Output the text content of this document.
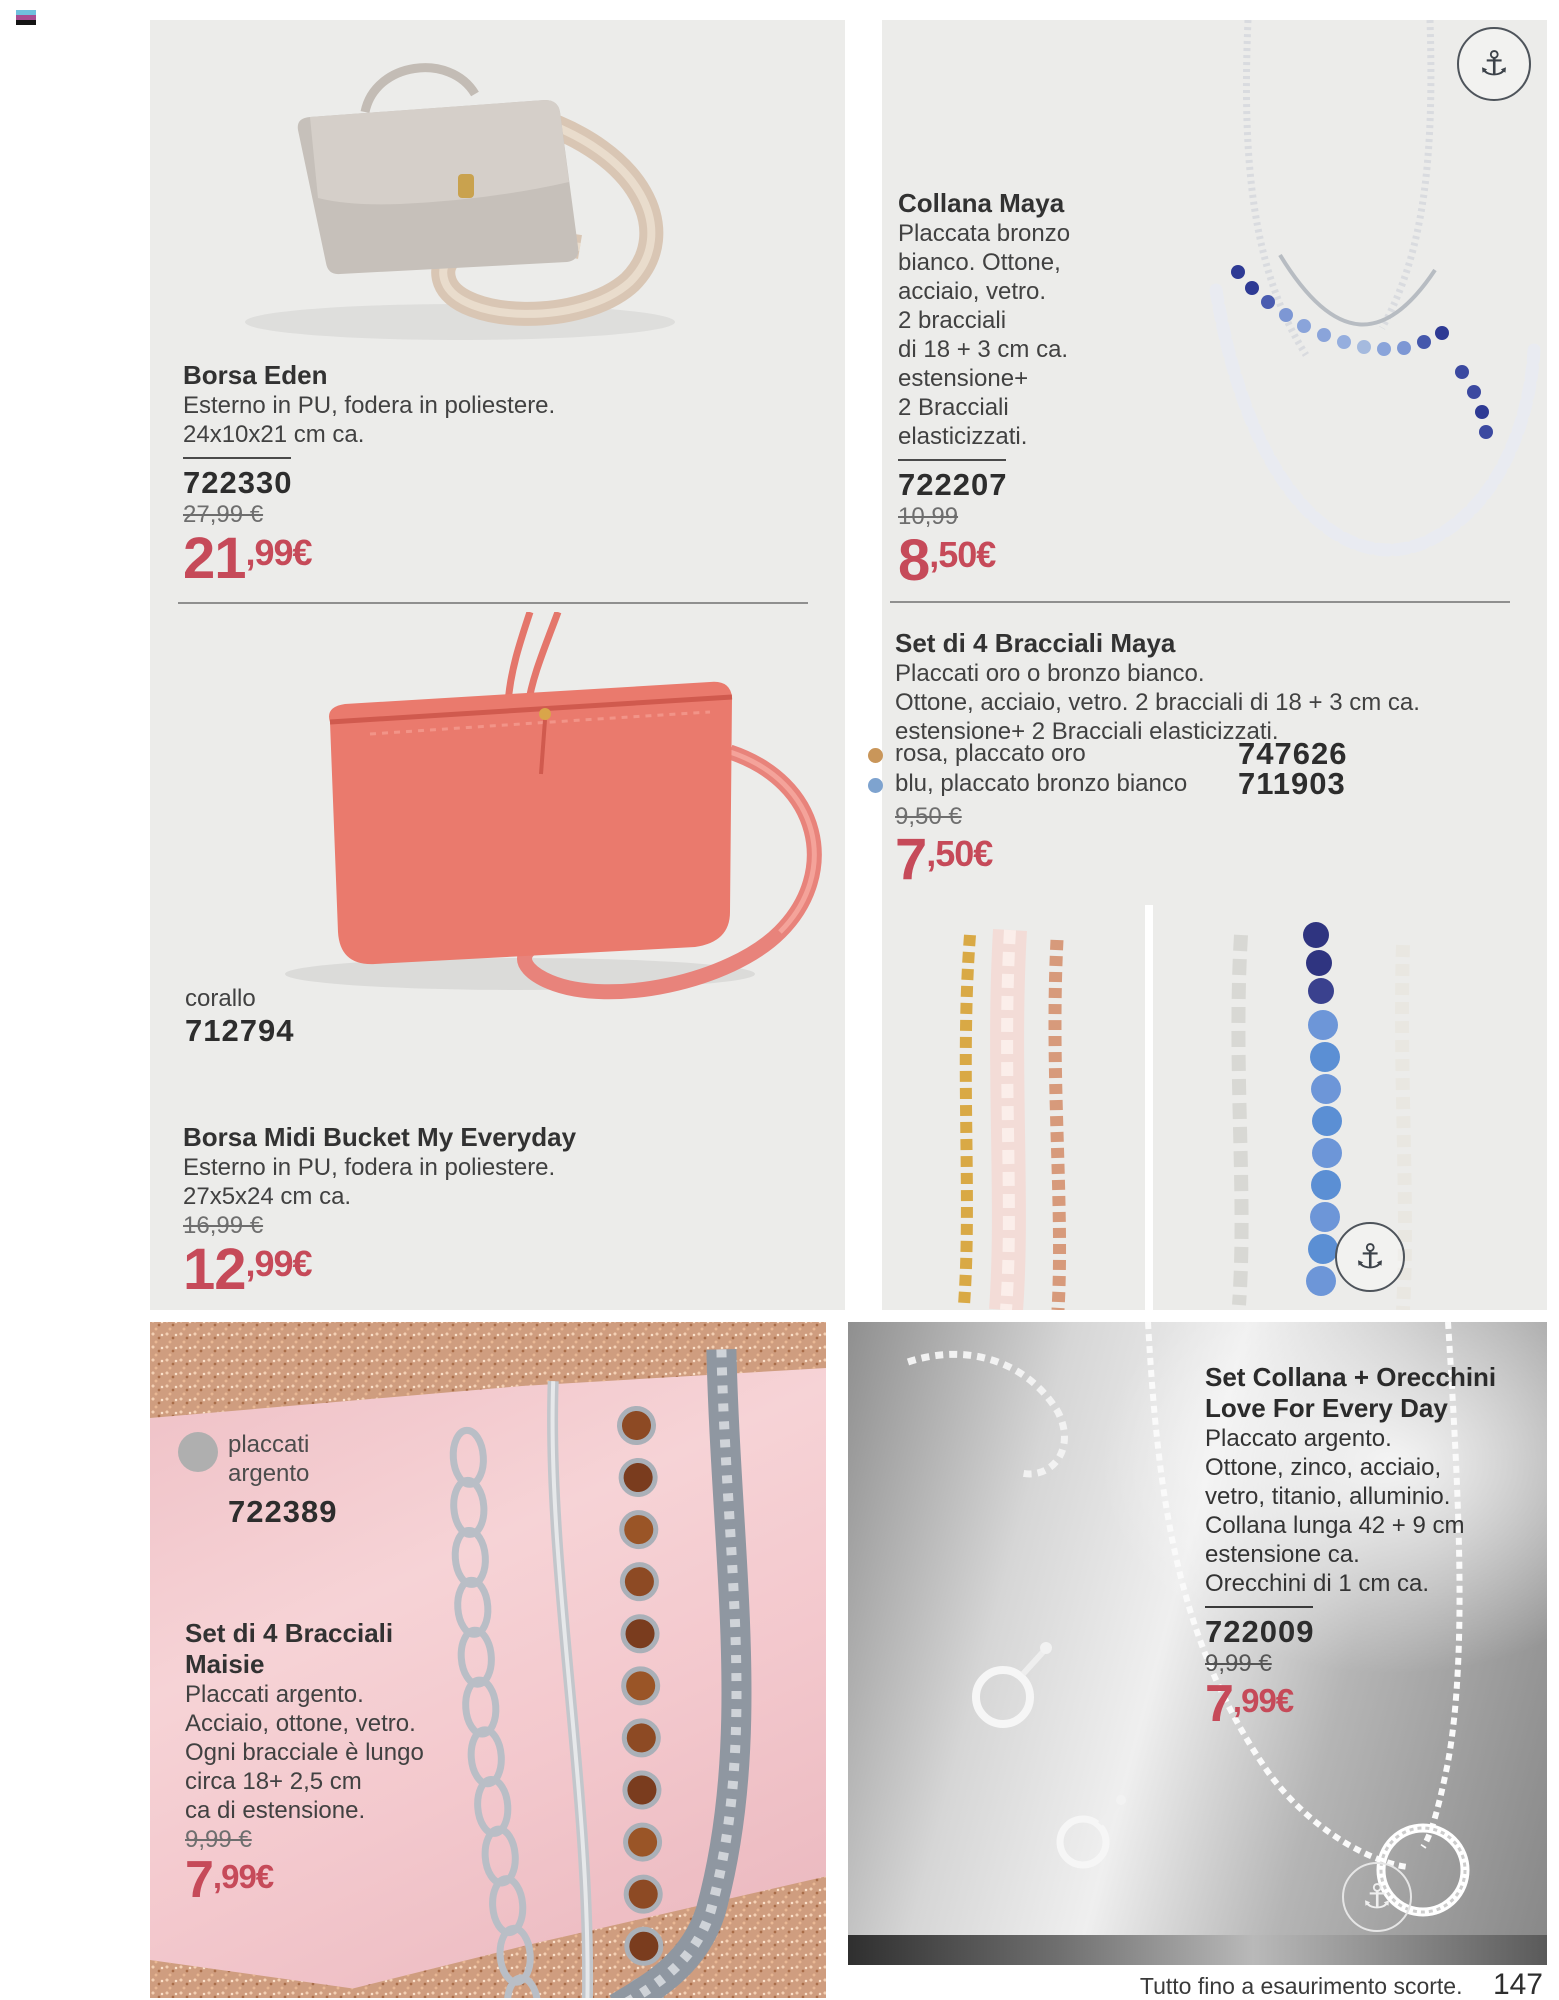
⚓
⚓
Borsa Eden
Esterno in PU, fodera in poliestere.
24x10x21 cm ca.
722330
27,99 €
21 ,99€
corallo
712794
Borsa Midi Bucket My Everyday
Esterno in PU, fodera in poliestere.
27x5x24 cm ca.
16,99 €
12 ,99€
Collana Maya
Placcata bronzo
bianco. Ottone,
acciaio, vetro.
2 bracciali
di 18 + 3 cm ca.
estensione+
2 Bracciali
elasticizzati.
722207
10,99
8 ,50€
Set di 4 Bracciali Maya
Placcati oro o bronzo bianco.
Ottone, acciaio, vetro. 2 bracciali di 18 + 3 cm ca.
estensione+ 2 Bracciali elasticizzati.
rosa, placcato oro	747626
blu, placcato bronzo bianco 711903
9,50 €
7 ,50€
placcati
argento
722389
Set di 4 Bracciali
Maisie
Placcati argento.
Acciaio, ottone, vetro.
Ogni bracciale è lungo
circa 18+ 2,5 cm
ca di estensione.
9,99 €
7 ,99€
⚓
Set Collana + Orecchini
Love For Every Day
Placcato argento.
Ottone, zinco, acciaio,
vetro, titanio, alluminio.
Collana lunga 42 + 9 cm
estensione ca.
Orecchini di 1 cm ca.
722009
9,99 €
7 ,99€
Tutto fino a esaurimento scorte. 147
